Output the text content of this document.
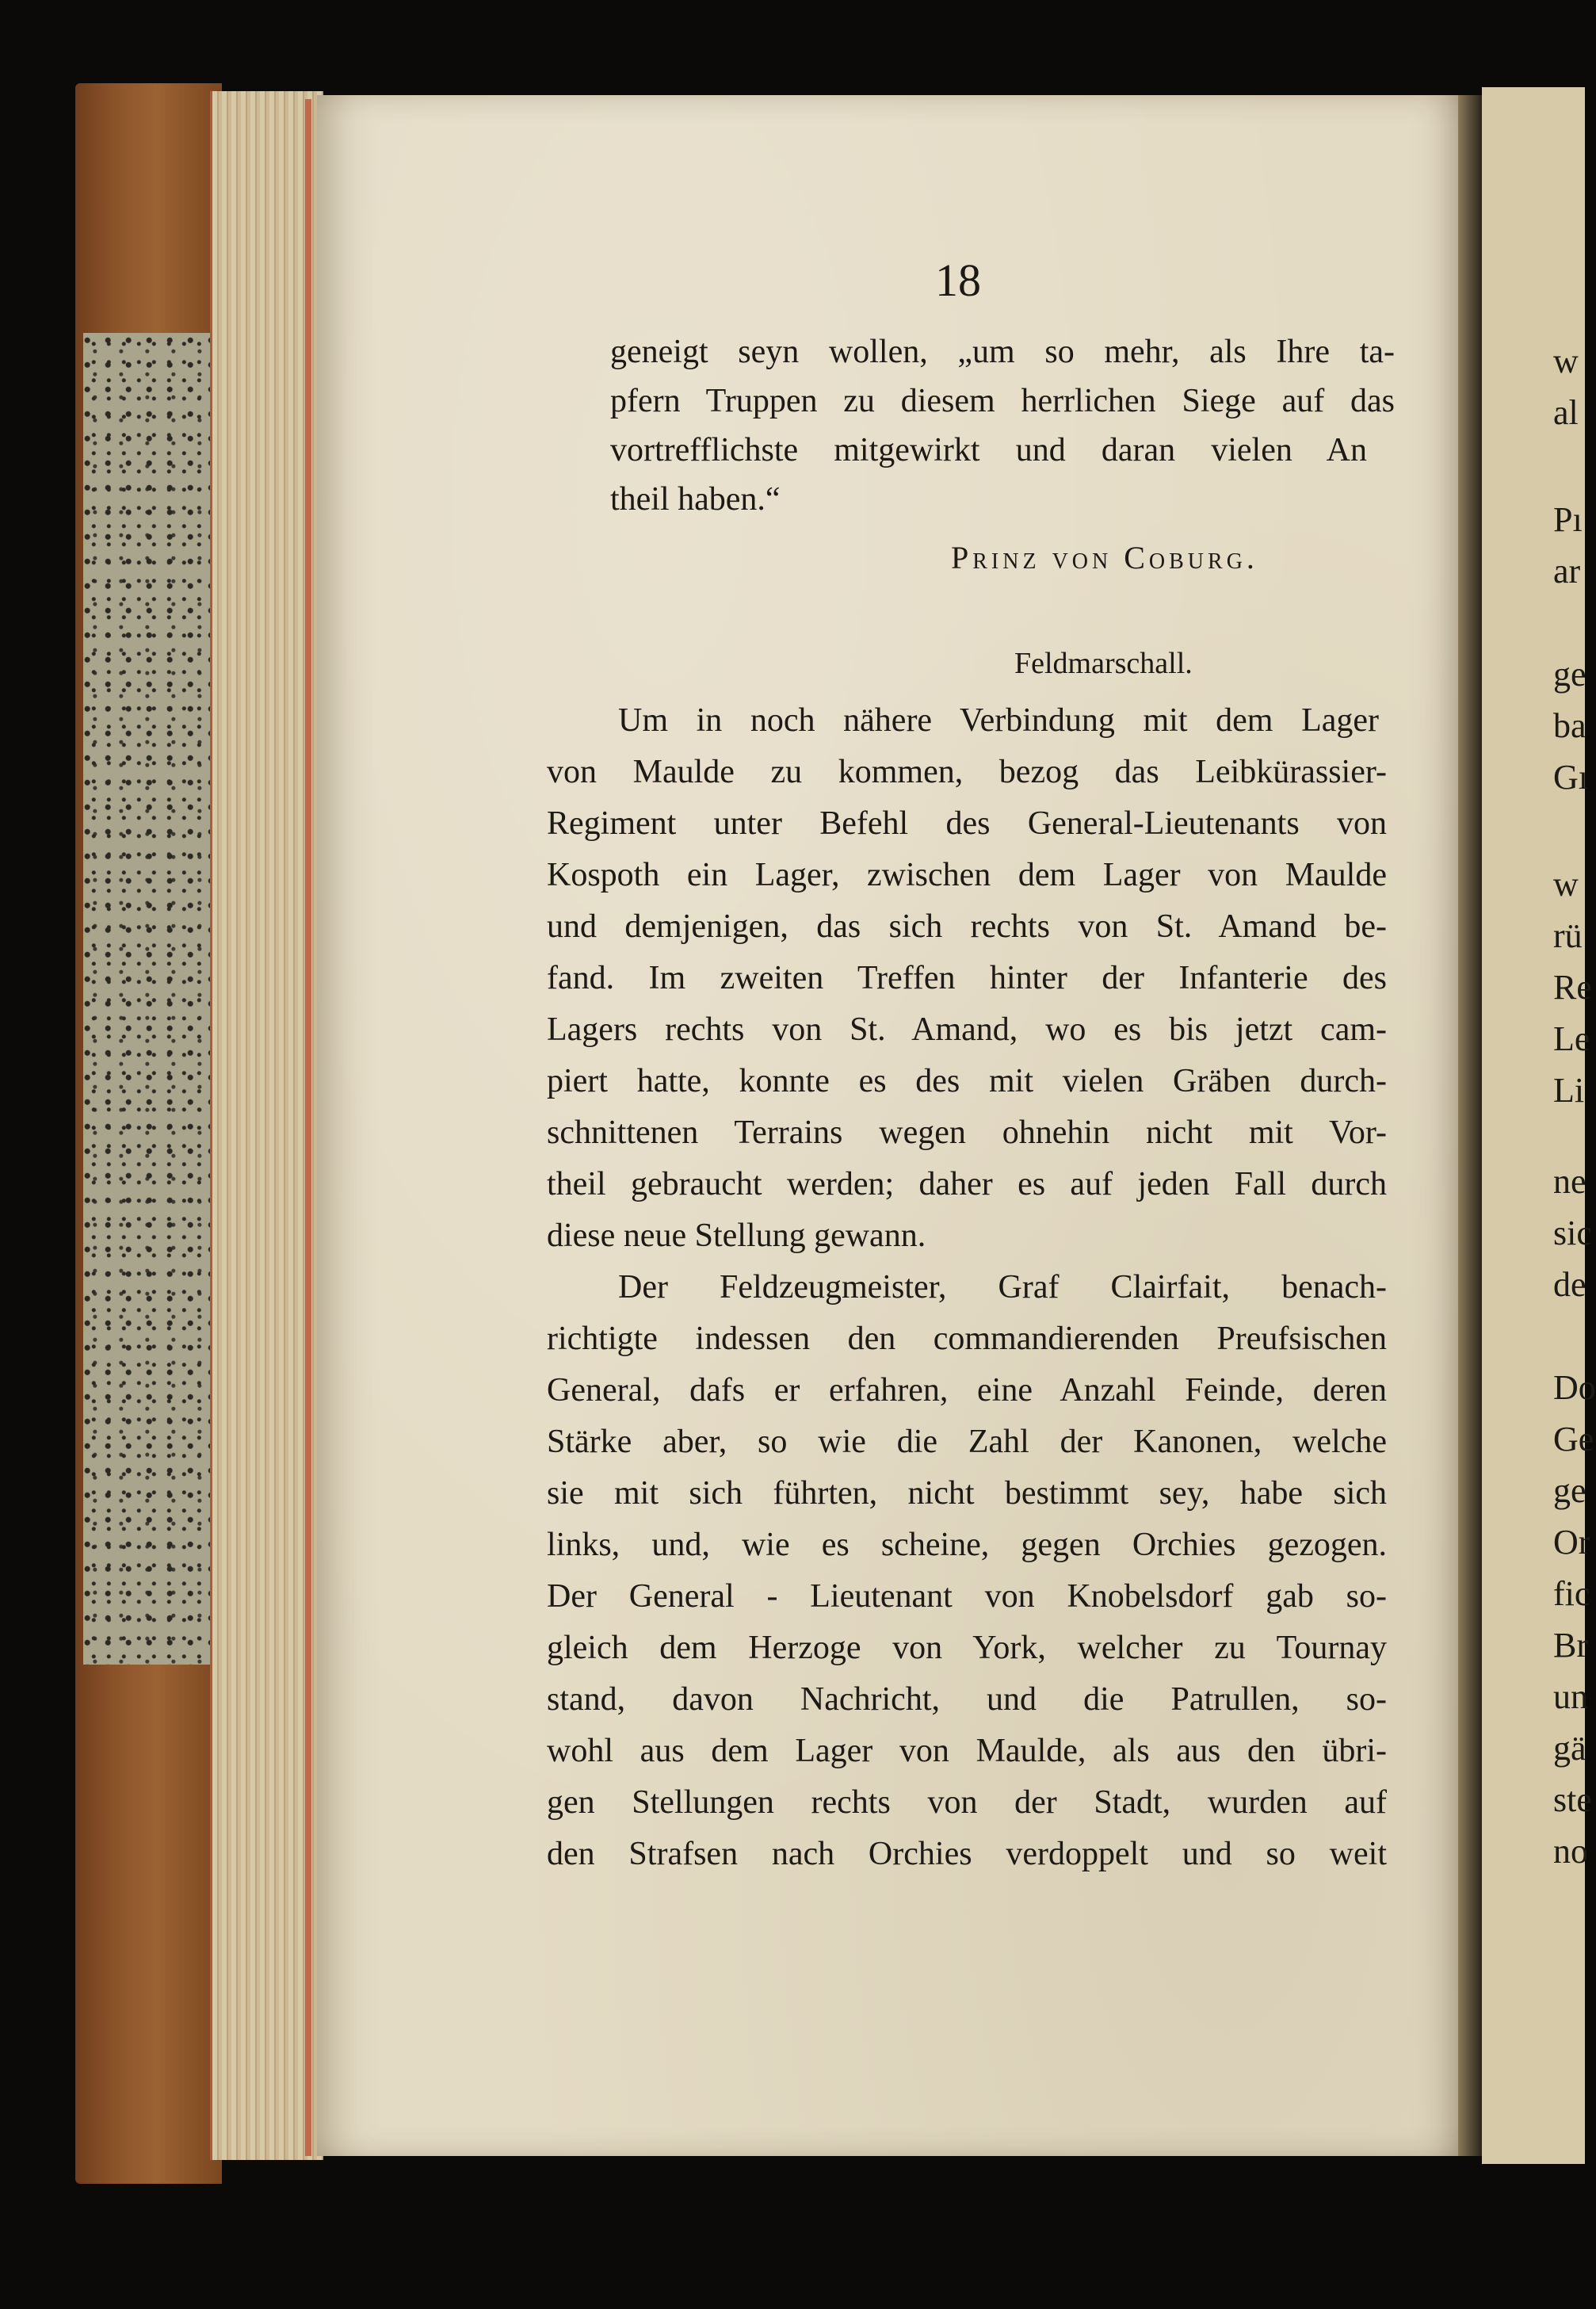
18
geneigt seyn wollen, „um so mehr, als Ihre ta-
pfern Truppen zu diesem herrlichen Siege auf das
vortrefflichste mitgewirkt und daran vielen An
theil haben.“
Prinz von Coburg.
Feldmarschall.
Um in noch nähere Verbindung mit dem Lager
von Maulde zu kommen, bezog das Leibkürassier-
Regiment unter Befehl des General-Lieutenants von
Kospoth ein Lager, zwischen dem Lager von Maulde
und demjenigen, das sich rechts von St. Amand be-
fand. Im zweiten Treffen hinter der Infanterie des
Lagers rechts von St. Amand, wo es bis jetzt cam-
piert hatte, konnte es des mit vielen Gräben durch-
schnittenen Terrains wegen ohnehin nicht mit Vor-
theil gebraucht werden; daher es auf jeden Fall durch
diese neue Stellung gewann.
Der Feldzeugmeister, Graf Clairfait, benach-
richtigte indessen den commandierenden Preufsischen
General, dafs er erfahren, eine Anzahl Feinde, deren
Stärke aber, so wie die Zahl der Kanonen, welche
sie mit sich führten, nicht bestimmt sey, habe sich
links, und, wie es scheine, gegen Orchies gezogen.
Der General - Lieutenant von Knobelsdorf gab so-
gleich dem Herzoge von York, welcher zu Tournay
stand, davon Nachricht, und die Patrullen, so-
wohl aus dem Lager von Maulde, als aus den übri-
gen Stellungen rechts von der Stadt, wurden auf
den Strafsen nach Orchies verdoppelt und so weit
w
al
Pı
ar
ge
ba
Gı
w
rü
Re
Le
Li
ne
sic
de
Do
Ge
ge
Or
fic
Br
un
gä
ste
no
